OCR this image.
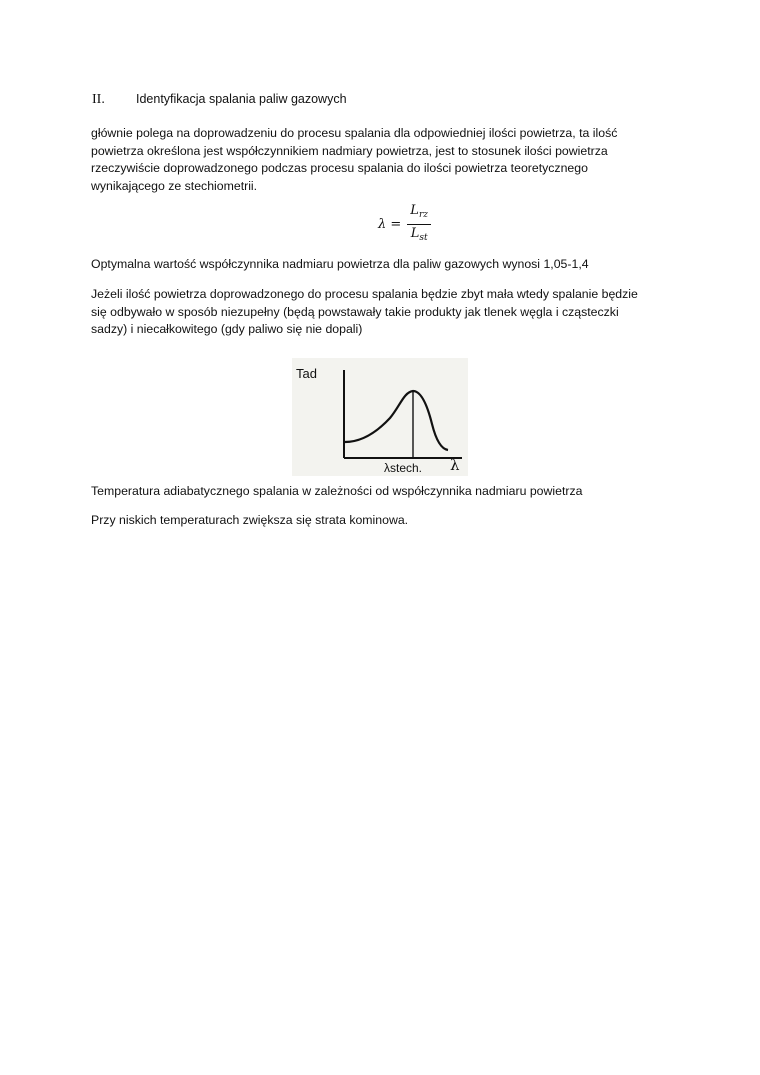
II.	Identyfikacja spalania paliw gazowych

głównie polega na doprowadzeniu do procesu spalania dla odpowiedniej ilości powietrza, ta ilość
powietrza określona jest współczynnikiem nadmiary powietrza, jest to stosunek ilości powietrza
rzeczywiście doprowadzonego podczas procesu spalania do ilości powietrza teoretycznego
wynikającego ze stechiometrii.

$\lambda = \frac{L_{rz}}{L_{st}}$

Optymalna wartość współczynnika nadmiaru powietrza dla paliw gazowych wynosi 1,05-1,4

Jeżeli ilość powietrza doprowadzonego do procesu spalania będzie zbyt mała wtedy spalanie będzie
się odbywało w sposób niezupełny (będą powstawały takie produkty jak tlenek węgla i cząsteczki
sadzy) i niecałkowitego (gdy paliwo się nie dopali)

Tad
λstech. λ

Temperatura adiabatycznego spalania w zależności od współczynnika nadmiaru powietrza

Przy niskich temperaturach zwiększa się strata kominowa.
